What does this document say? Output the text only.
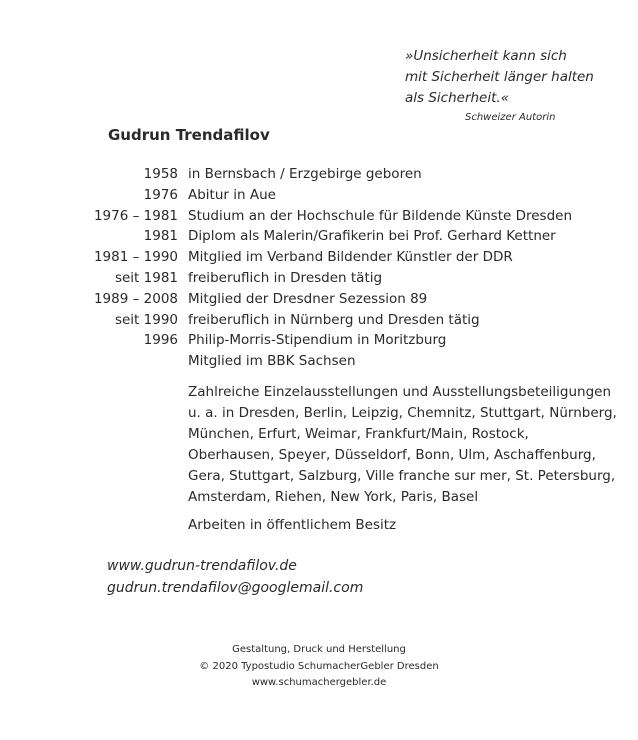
»Unsicherheit kann sich
mit Sicherheit länger halten
als Sicherheit.«
Schweizer Autorin
Gudrun Trendafilov
1958 in Bernsbach / Erzgebirge geboren
1976 Abitur in Aue
1976 – 1981 Studium an der Hochschule für Bildende Künste Dresden
1981 Diplom als Malerin/Grafikerin bei Prof. Gerhard Kettner
1981 – 1990 Mitglied im Verband Bildender Künstler der DDR
seit 1981 freiberuflich in Dresden tätig
1989 – 2008 Mitglied der Dresdner Sezession 89
seit 1990 freiberuflich in Nürnberg und Dresden tätig
1996 Philip-Morris-Stipendium in Moritzburg
Mitglied im BBK Sachsen
Zahlreiche Einzelausstellungen und Ausstellungsbeteiligungen
u. a. in Dresden, Berlin, Leipzig, Chemnitz, Stuttgart, Nürnberg,
München, Erfurt, Weimar, Frankfurt/Main, Rostock,
Oberhausen, Speyer, Düsseldorf, Bonn, Ulm, Aschaffenburg,
Gera, Stuttgart, Salzburg, Ville franche sur mer, St. Petersburg,
Amsterdam, Riehen, New York, Paris, Basel
Arbeiten in öffentlichem Besitz
www.gudrun-trendafilov.de
gudrun.trendafilov@googlemail.com
Gestaltung, Druck und Herstellung
© 2020 Typostudio SchumacherGebler Dresden
www.schumachergebler.de
